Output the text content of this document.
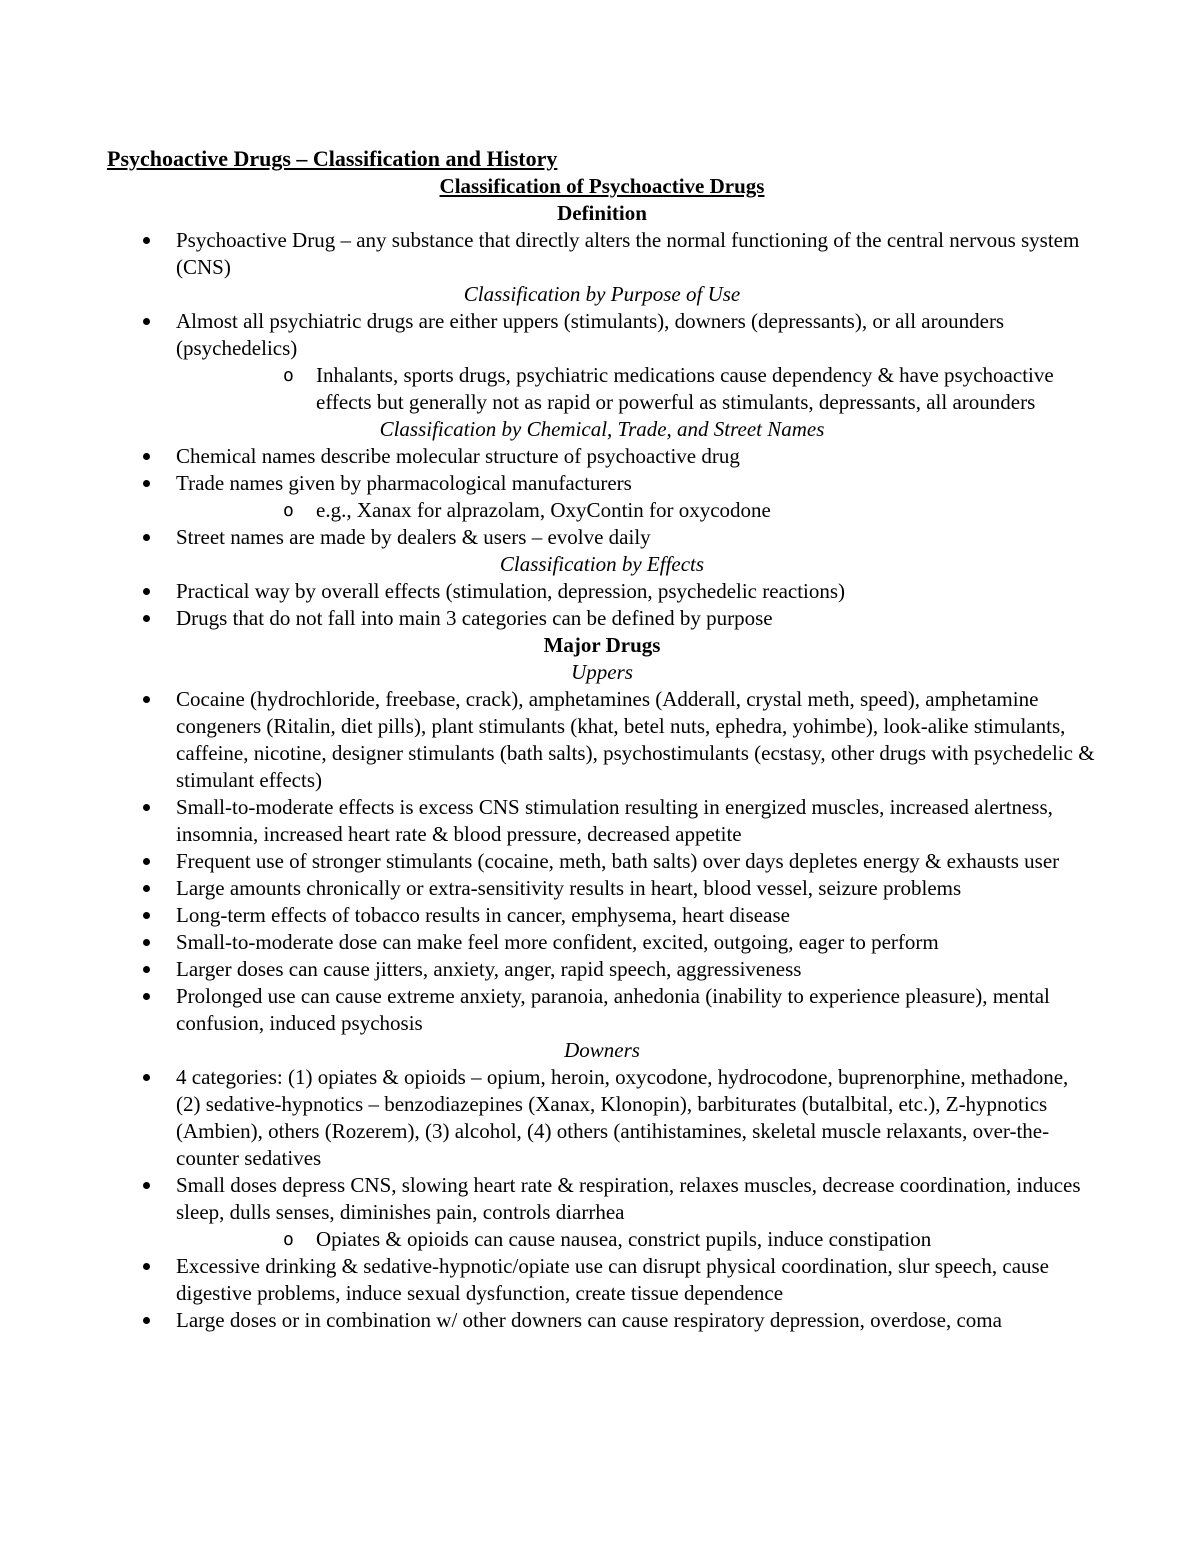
Psychoactive Drugs – Classification and History
Classification of Psychoactive Drugs
Definition
Psychoactive Drug – any substance that directly alters the normal functioning of the central nervous system (CNS)
Classification by Purpose of Use
Almost all psychiatric drugs are either uppers (stimulants), downers (depressants), or all arounders (psychedelics)
o Inhalants, sports drugs, psychiatric medications cause dependency & have psychoactive effects but generally not as rapid or powerful as stimulants, depressants, all arounders
Classification by Chemical, Trade, and Street Names
Chemical names describe molecular structure of psychoactive drug
Trade names given by pharmacological manufacturers
o e.g., Xanax for alprazolam, OxyContin for oxycodone
Street names are made by dealers & users – evolve daily
Classification by Effects
Practical way by overall effects (stimulation, depression, psychedelic reactions)
Drugs that do not fall into main 3 categories can be defined by purpose
Major Drugs
Uppers
Cocaine (hydrochloride, freebase, crack), amphetamines (Adderall, crystal meth, speed), amphetamine congeners (Ritalin, diet pills), plant stimulants (khat, betel nuts, ephedra, yohimbe), look-alike stimulants, caffeine, nicotine, designer stimulants (bath salts), psychostimulants (ecstasy, other drugs with psychedelic & stimulant effects)
Small-to-moderate effects is excess CNS stimulation resulting in energized muscles, increased alertness, insomnia, increased heart rate & blood pressure, decreased appetite
Frequent use of stronger stimulants (cocaine, meth, bath salts) over days depletes energy & exhausts user
Large amounts chronically or extra-sensitivity results in heart, blood vessel, seizure problems
Long-term effects of tobacco results in cancer, emphysema, heart disease
Small-to-moderate dose can make feel more confident, excited, outgoing, eager to perform
Larger doses can cause jitters, anxiety, anger, rapid speech, aggressiveness
Prolonged use can cause extreme anxiety, paranoia, anhedonia (inability to experience pleasure), mental confusion, induced psychosis
Downers
4 categories: (1) opiates & opioids – opium, heroin, oxycodone, hydrocodone, buprenorphine, methadone, (2) sedative-hypnotics – benzodiazepines (Xanax, Klonopin), barbiturates (butalbital, etc.), Z-hypnotics (Ambien), others (Rozerem), (3) alcohol, (4) others (antihistamines, skeletal muscle relaxants, over-the-counter sedatives
Small doses depress CNS, slowing heart rate & respiration, relaxes muscles, decrease coordination, induces sleep, dulls senses, diminishes pain, controls diarrhea
o Opiates & opioids can cause nausea, constrict pupils, induce constipation
Excessive drinking & sedative-hypnotic/opiate use can disrupt physical coordination, slur speech, cause digestive problems, induce sexual dysfunction, create tissue dependence
Large doses or in combination w/ other downers can cause respiratory depression, overdose, coma
